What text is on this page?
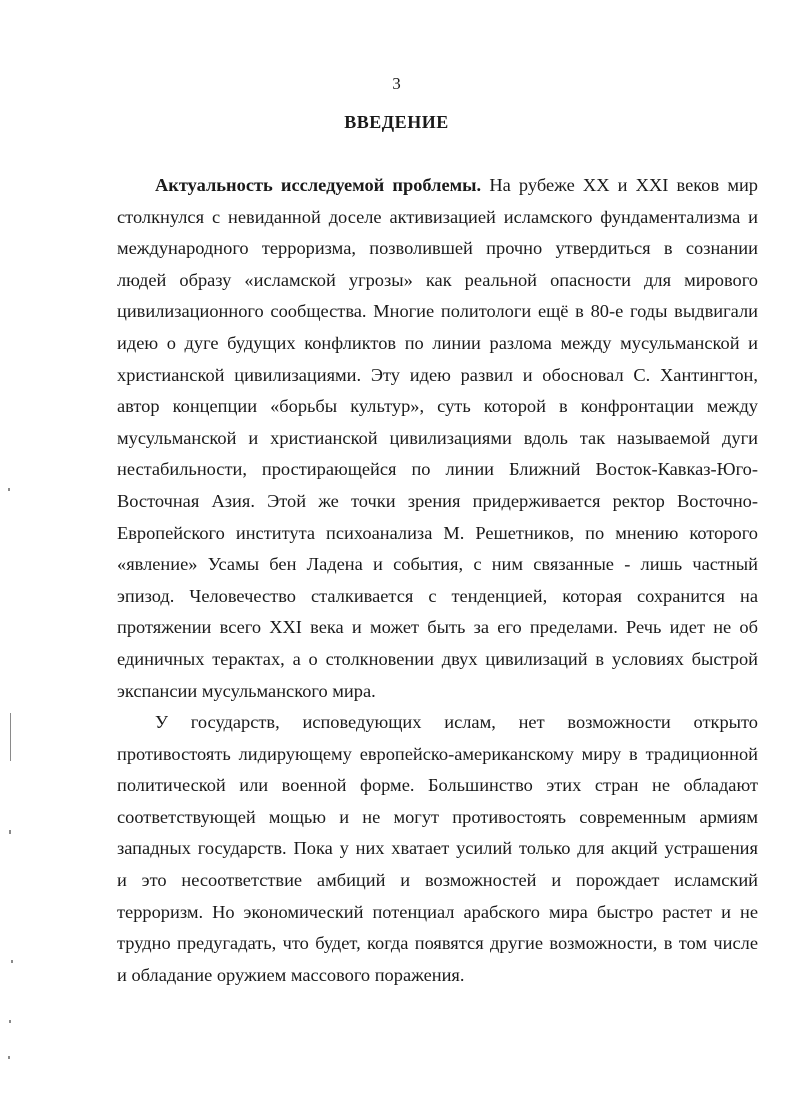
3
ВВЕДЕНИЕ
Актуальность исследуемой проблемы. На рубеже XX и XXI веков мир
столкнулся с невиданной доселе активизацией исламского фундаментализма и
международного терроризма, позволившей прочно утвердиться в сознании
людей образу «исламской угрозы» как реальной опасности для мирового
цивилизационного сообщества. Многие политологи ещё в 80-е годы выдвигали
идею о дуге будущих конфликтов по линии разлома между мусульманской и
христианской цивилизациями. Эту идею развил и обосновал С. Хантингтон,
автор концепции «борьбы культур», суть которой в конфронтации между
мусульманской и христианской цивилизациями вдоль так называемой дуги
нестабильности, простирающейся по линии Ближний Восток-Кавказ-Юго-
Восточная Азия. Этой же точки зрения придерживается ректор Восточно-
Европейского института психоанализа М. Решетников, по мнению которого
«явление» Усамы бен Ладена и события, с ним связанные - лишь частный
эпизод. Человечество сталкивается с тенденцией, которая сохранится на
протяжении всего XXI века и может быть за его пределами. Речь идет не об
единичных терактах, а о столкновении двух цивилизаций в условиях быстрой
экспансии мусульманского мира.
У государств, исповедующих ислам, нет возможности открыто
противостоять лидирующему европейско-американскому миру в традиционной
политической или военной форме. Большинство этих стран не обладают
соответствующей мощью и не могут противостоять современным армиям
западных государств. Пока у них хватает усилий только для акций устрашения
и это несоответствие амбиций и возможностей и порождает исламский
терроризм. Но экономический потенциал арабского мира быстро растет и не
трудно предугадать, что будет, когда появятся другие возможности, в том числе
и обладание оружием массового поражения.
